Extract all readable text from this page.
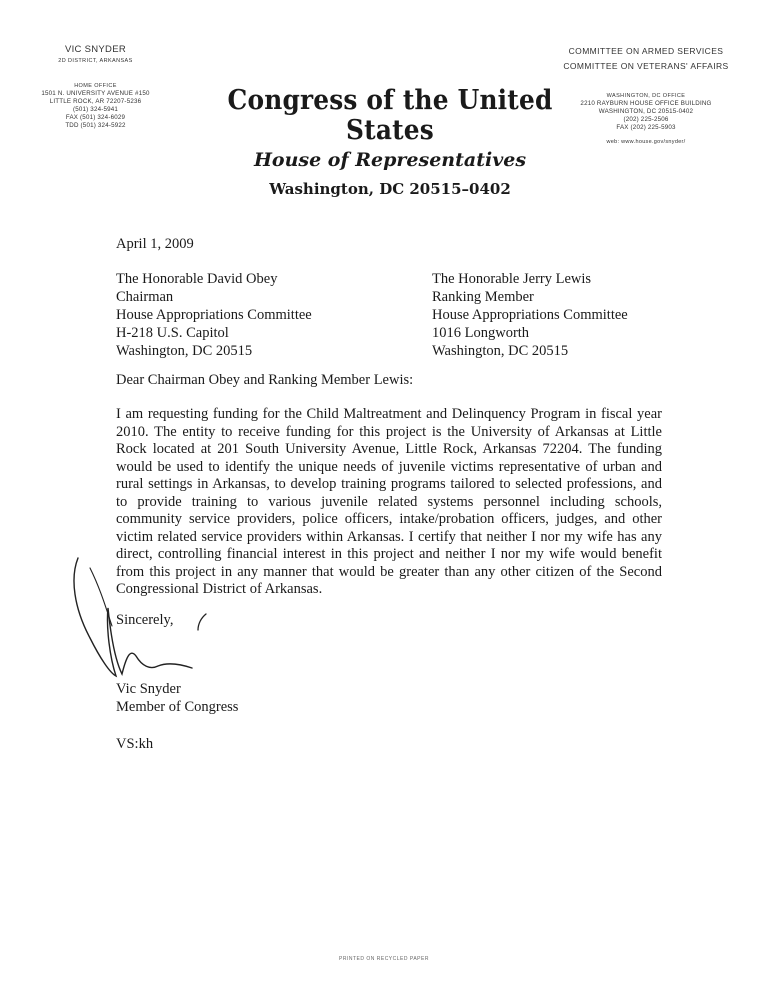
VIC SNYDER
2D DISTRICT, ARKANSAS
HOME OFFICE
1501 N. UNIVERSITY AVENUE #150
LITTLE ROCK, AR 72207-5236
(501) 324-5941
FAX (501) 324-6029
TDD (501) 324-5922
Congress of the United States
House of Representatives
Washington, DC 20515–0402
COMMITTEE ON ARMED SERVICES
COMMITTEE ON VETERANS' AFFAIRS
WASHINGTON, DC OFFICE
2210 RAYBURN HOUSE OFFICE BUILDING
WASHINGTON, DC 20515-0402
(202) 225-2506
FAX (202) 225-5903
web: www.house.gov/snyder/
April 1, 2009
The Honorable David Obey
Chairman
House Appropriations Committee
H-218 U.S. Capitol
Washington, DC 20515
The Honorable Jerry Lewis
Ranking Member
House Appropriations Committee
1016 Longworth
Washington, DC 20515
Dear Chairman Obey and Ranking Member Lewis:
I am requesting funding for the Child Maltreatment and Delinquency Program in fiscal year 2010. The entity to receive funding for this project is the University of Arkansas at Little Rock located at 201 South University Avenue, Little Rock, Arkansas 72204. The funding would be used to identify the unique needs of juvenile victims representative of urban and rural settings in Arkansas, to develop training programs tailored to selected professions, and to provide training to various juvenile related systems personnel including schools, community service providers, police officers, intake/probation officers, judges, and other victim related service providers within Arkansas. I certify that neither I nor my wife has any direct, controlling financial interest in this project and neither I nor my wife would benefit from this project in any manner that would be greater than any other citizen of the Second Congressional District of Arkansas.
Sincerely,
Vic Snyder
Member of Congress
VS:kh
PRINTED ON RECYCLED PAPER
